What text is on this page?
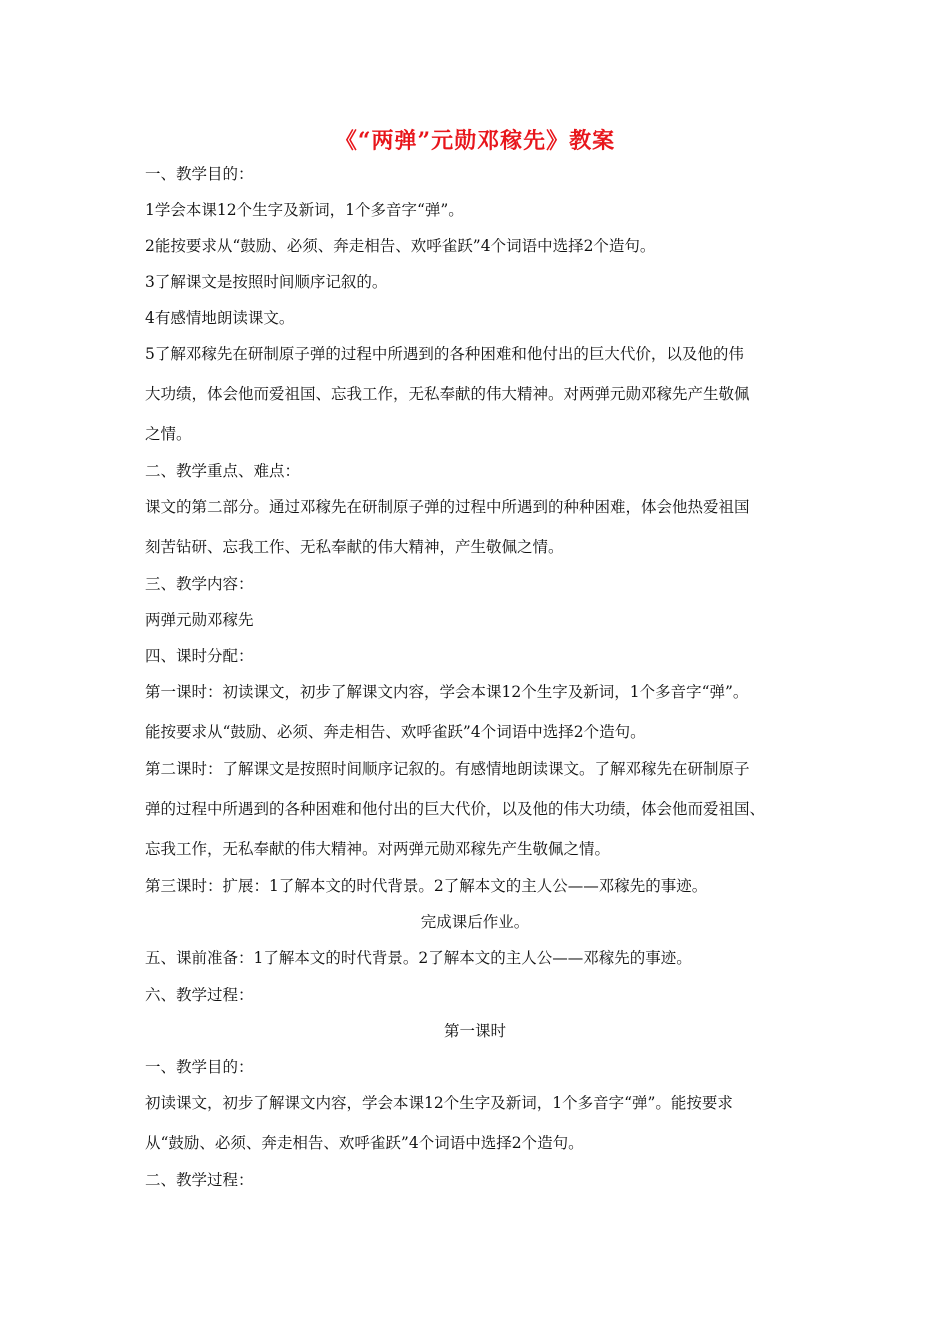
《“两弹”元勋邓稼先》教案
一、教学目的：
1学会本课12个生字及新词，1个多音字“弹”。
2能按要求从“鼓励、必须、奔走相告、欢呼雀跃”4个词语中选择2个造句。
3了解课文是按照时间顺序记叙的。
4有感情地朗读课文。
5了解邓稼先在研制原子弹的过程中所遇到的各种困难和他付出的巨大代价，以及他的伟
大功绩，体会他而爱祖国、忘我工作，无私奉献的伟大精神。对两弹元勋邓稼先产生敬佩
之情。
二、教学重点、难点：
课文的第二部分。通过邓稼先在研制原子弹的过程中所遇到的种种困难，体会他热爱祖国
刻苦钻研、忘我工作、无私奉献的伟大精神，产生敬佩之情。
三、教学内容：
两弹元勋邓稼先
四、课时分配：
第一课时：初读课文，初步了解课文内容，学会本课12个生字及新词，1个多音字“弹”。
能按要求从“鼓励、必须、奔走相告、欢呼雀跃”4个词语中选择2个造句。
第二课时：了解课文是按照时间顺序记叙的。有感情地朗读课文。了解邓稼先在研制原子
弹的过程中所遇到的各种困难和他付出的巨大代价，以及他的伟大功绩，体会他而爱祖国、
忘我工作，无私奉献的伟大精神。对两弹元勋邓稼先产生敬佩之情。
第三课时：扩展：1了解本文的时代背景。2了解本文的主人公——邓稼先的事迹。
完成课后作业。
五、课前准备：1了解本文的时代背景。2了解本文的主人公——邓稼先的事迹。
六、教学过程：
第一课时
一、教学目的：
初读课文，初步了解课文内容，学会本课12个生字及新词，1个多音字“弹”。能按要求
从“鼓励、必须、奔走相告、欢呼雀跃”4个词语中选择2个造句。
二、教学过程：
